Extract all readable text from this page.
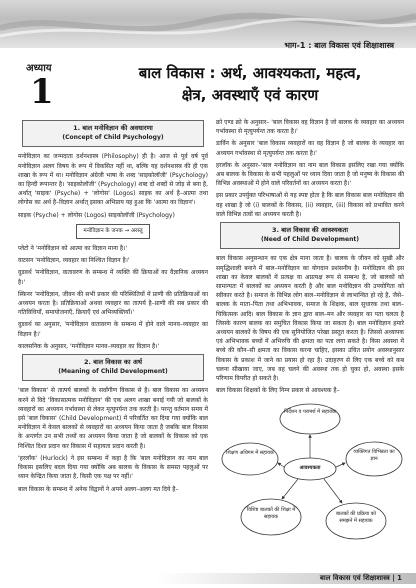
भाग-1 : बाल विकास एवं शिक्षाशास्त्र
अध्याय
1	बाल विकास : अर्थ, आवश्यकता, महत्व,
क्षेत्र, अवस्थाएँ एवं कारण
1. बाल मनोविज्ञान की अवधारणा
(Concept of Child Psychology)
मनोविज्ञान का जन्मदाता दर्शनशास्त्र (Philosophy) ही है। आज से पूर्व वर्ष पूर्व मनोविज्ञान अलग विषय के रूप में विकसित नहीं था, बल्कि यह दर्शनशास्त्र की ही एक शाखा के रूप में था। मनोविज्ञान अंग्रेजी भाषा के शब्द 'साइकोलॉजी' (Psychology) का हिन्दी रूपान्तर है। 'साइकोलॉजी' (Psychology) शब्द दो शब्दों से जोड़ से बना है, अर्थात् 'साइक' (Psyche) + 'लोगोस' (Logos) साइक का अर्थ है–आत्मा तथा लोगोस का अर्थ है–विज्ञान अर्थात् इसका अभिप्राय यह हुआ कि 'आत्मा का विज्ञान'।
साइक (Psyche) + लोगोस (Logos) साइकोलॉजी (Psychology)
मनोविज्ञान के जनक → अरस्तू
प्लेटो ने 'मनोविज्ञान को आत्मा का विज्ञान माना है।'
वाटसन 'मनोविज्ञान, व्यवहार का निश्चित विज्ञान है।'
वुडवर्थ 'मनोविज्ञान, वातावरण के सम्बन्ध में व्यक्ति की क्रियाओं का वैज्ञानिक अध्ययन है।'
स्किनर 'मनोविज्ञान, जीवन की सभी प्रकार की परिस्थितियों में प्राणी की प्रतिक्रियाओं का अध्ययन करता है। प्रतिक्रियाओं अथवा व्यवहार का तात्पर्य है–प्राणी की सब प्रकार की गतिविधियाँ, समायोजनाएँ, क्रियाएँ एवं अभिव्यक्तियाँ।'
वुडवर्थ का अनुसार, 'मनोविज्ञान वातावरण के सम्बन्ध में होने वाले मानव–व्यवहार का विज्ञान है।'
कालसनिक के अनुसार, 'मनोविज्ञान मानव–व्यवहार का विज्ञान है।'
2. बाल विकास का अर्थ
(Meaning of Child Development)
'बाल विकास' से तात्पर्य बालकों के सर्वांगीण विकास से है। बाल विकास का अध्ययन करने से विदे 'विकासात्मक मनोविज्ञान' की एक अलग शाखा बनाई गयी जो बालकों के व्यवहारों का अध्ययन गर्भावस्था से लेकर मृत्युपर्यन्त तक करती है। परन्तु वर्तमान समय में इसे 'बाल विकास' (Child Development) में परिवर्तित कर दिया गया क्योंकि बाल मनोविज्ञान में केवल बालकों से व्यवहारों का अध्ययन किया जाता है जबकि बाल विकास के अन्तर्गत उन सभी तथ्यों का अध्ययन किया जाता है जो बालकों के विकास को एक निश्चित दिशा प्रदान कर विकास में सहायता प्रदान करती है।
'हरलॉक' (Hurlock) ने इस सम्बन्ध में कहा है कि 'बाल मनोविज्ञान का नाम बाल विकास इसलिए बदल दिया गया क्योंकि अब बालक के विकास के समस्त पहलुओं पर ध्यान केन्द्रित किया जाता है, किसी एक पक्ष पर नहीं।'
बाल विकास के सम्बन्ध में अनेक विद्वानों ने अपने अलग–अलग मत दिये है–
क्रो एण्ड क्रो के अनुसार– 'बाल विकास वह विज्ञान है जो बालक के व्यवहार का अध्ययन गर्भावस्था से मृत्युपर्यन्त तक करता है।'
डार्विन के अनुसार 'बाल विकास व्यवहारों का वह विज्ञान है जो बालक के व्यवहार का अध्ययन गर्भावस्था से मृत्युपर्यन्त तक करता है।'
हरलॉक के अनुसार–'बाल मनोविज्ञान का नाम बाल विकास इसलिए रखा गया क्योंकि अब बालक के विकास के सभी पहलुओं पर ध्यान दिया जाता है जो मनुष्य के विकास की विभिन्न अवस्थाओं में होने वाले परिवर्तनों का अध्ययन करता है।'
इस प्रकार उपर्युक्त परिभाषाओं से यह स्पष्ट होता है कि बाल विकास बाल मनोविज्ञान की वह शाखा है जो (i) बालकों के विकास, (ii) व्यवहार, (iii) विकास को प्रभावित करने वाले विभिन्न तत्वों का अध्ययन करती है।
3. बाल विकास की आवश्यकता
(Need of Child Development)
बाल विकास अनुसन्धान का एक क्षेत्र माना जाता है। बालक के जीवन को सुखी और समृद्धिशाली बनाने में बाल–मनोविज्ञान का योगदान प्रशंसनीय है। मनोविज्ञान की इस शाखा का केवल बालकों में प्रत्यक्ष या अप्रत्यक्ष रूप से सम्बन्ध है, जो बालकों को सामान्यतः में बालकों का अध्ययन करती है और बाल मनोविज्ञान की उपयोगिता को स्वीकार करते है। समाज के विभिन्न लोग बाल–मनोविज्ञान से लाभान्वित हो रहे है, जैसे–बालक के माता–पिता तथा अभिभावक, समाज के शिक्षक, बाल सुधारक तथा बाल–चिकित्सक आदि। बाल विकास के ज्ञान द्वारा बाल–मन और व्यवहार का पता चलता है जिसके कारण बालक का समुचित विकास किया जा सकता है। बाल मनोविज्ञान हमारे अध्ययन बालकों के विषय की एक सुनियोजित परेखा प्रस्तुत करता है। जिससे अध्यापक एवं अभिभावक बच्चों में अभिरुचि की क्षमता का पता लगा सकते है। किस अवस्था में बच्चे की कौन–सी क्षमता का विकास करना चाहिए, इसका उचित प्रयोग अवस्थानुसार विकास के प्रकाश में जाने का प्रयास हो रहा है। उदाहरण से लिए एक बच्चे को कब चलना सीखाया जाए, जब वह चलने की अवस्था तक हो चुका हो, अवस्था इसके परिणाम विपरीत हो सकते है।
बाल विकास शिक्षकों के लिए निम्न प्रकार से आवश्यक है–
आवश्यकता
निर्देशन व परामर्श में सहायक
व्यक्तिगत विभिन्नता का ज्ञान
बालकों की प्रक्रिया को समझने में सहायक
विशिष्ट बालकों की शिक्षा में सहायक
शिक्षण अधिगम में सहायक
बाल विकास एवं शिक्षाशास्त्र | 1
